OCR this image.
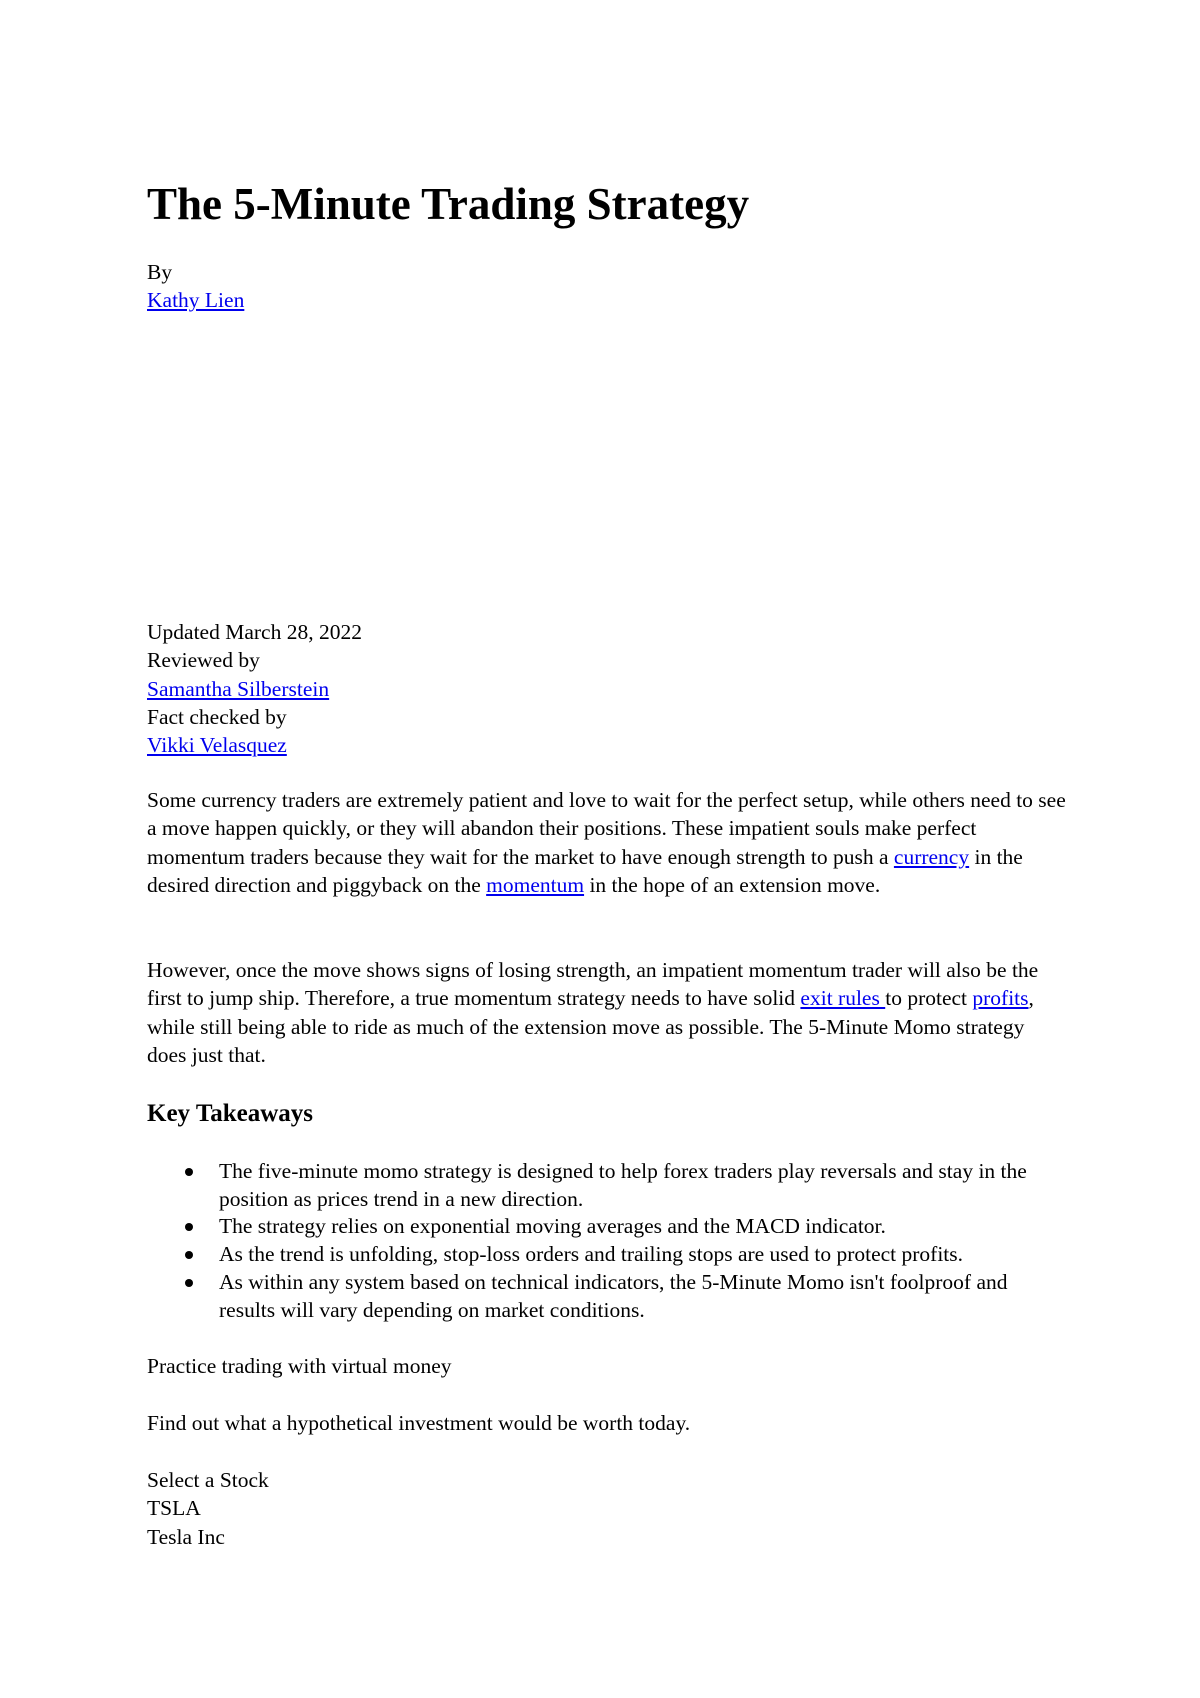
The 5-Minute Trading Strategy
By
Kathy Lien
Updated March 28, 2022
Reviewed by
Samantha Silberstein
Fact checked by
Vikki Velasquez

Some currency traders are extremely patient and love to wait for the perfect setup, while others need to see a move happen quickly, or they will abandon their positions. These impatient souls make perfect momentum traders because they wait for the market to have enough strength to push a currency in the desired direction and piggyback on the momentum in the hope of an extension move.

However, once the move shows signs of losing strength, an impatient momentum trader will also be the first to jump ship. Therefore, a true momentum strategy needs to have solid exit rules to protect profits, while still being able to ride as much of the extension move as possible. The 5-Minute Momo strategy does just that.

Key Takeaways
The five-minute momo strategy is designed to help forex traders play reversals and stay in the position as prices trend in a new direction.
The strategy relies on exponential moving averages and the MACD indicator.
As the trend is unfolding, stop-loss orders and trailing stops are used to protect profits.
As within any system based on technical indicators, the 5-Minute Momo isn't foolproof and results will vary depending on market conditions.
Practice trading with virtual money
Find out what a hypothetical investment would be worth today.
Select a Stock
TSLA
Tesla Inc
